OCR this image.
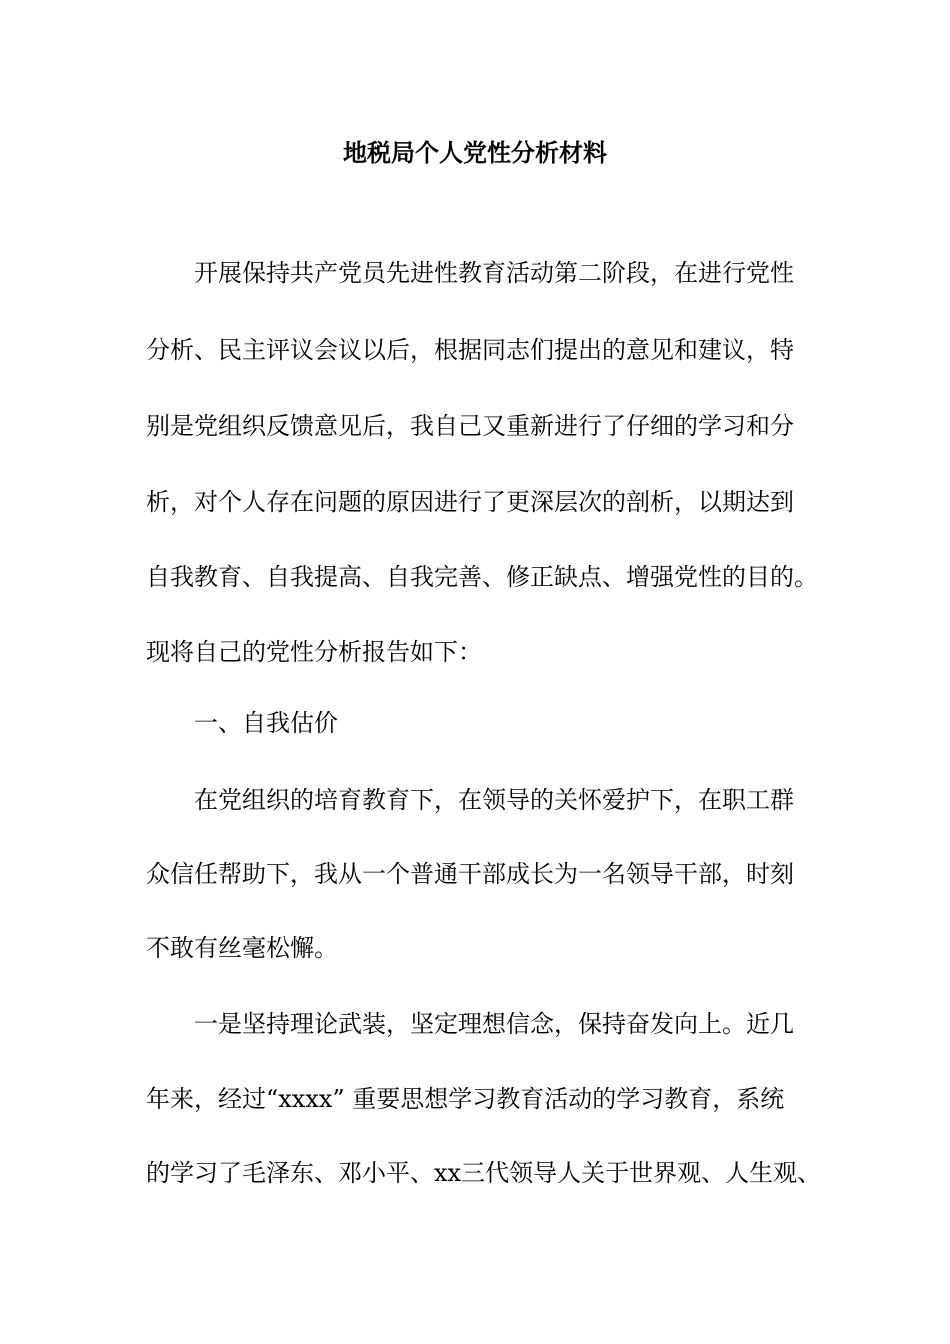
地税局个人党性分析材料

开展保持共产党员先进性教育活动第二阶段，在进行党性

分析、民主评议会议以后，根据同志们提出的意见和建议，特

别是党组织反馈意见后，我自己又重新进行了仔细的学习和分

析，对个人存在问题的原因进行了更深层次的剖析，以期达到

自我教育、自我提高、自我完善、修正缺点、增强党性的目的。

现将自己的党性分析报告如下：

一、自我估价

在党组织的培育教育下，在领导的关怀爱护下，在职工群

众信任帮助下，我从一个普通干部成长为一名领导干部，时刻

不敢有丝毫松懈。

一是坚持理论武装，坚定理想信念，保持奋发向上。近几

年来，经过“xxxx” 重要思想学习教育活动的学习教育，系统

的学习了毛泽东、邓小平、xx三代领导人关于世界观、人生观、
